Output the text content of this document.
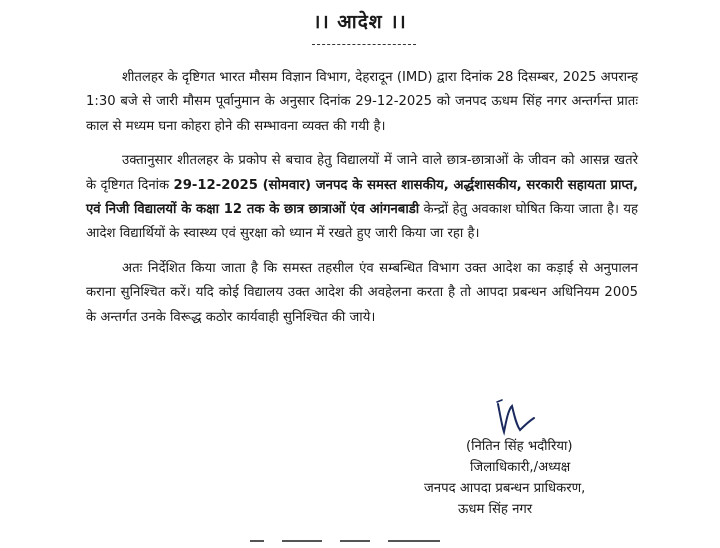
।। आदेश ।।

शीतलहर के दृष्टिगत भारत मौसम विज्ञान विभाग, देहरादून (IMD) द्वारा दिनांक 28 दिसम्बर, 2025 अपरान्ह 1:30 बजे से जारी मौसम पूर्वानुमान के अनुसार दिनांक 29-12-2025 को जनपद ऊधम सिंह नगर अन्तर्गन्त प्रातः काल से मध्यम घना कोहरा होने की सम्भावना व्यक्त की गयी है।

उक्तानुसार शीतलहर के प्रकोप से बचाव हेतु विद्यालयों में जाने वाले छात्र-छात्राओं के जीवन को आसन्न खतरे के दृष्टिगत दिनांक 29-12-2025 (सोमवार) जनपद के समस्त शासकीय, अर्द्धशासकीय, सरकारी सहायता प्राप्त, एवं निजी विद्यालयों के कक्षा 12 तक के छात्र छात्राओं एंव आंगनबाडी केन्द्रों हेतु अवकाश घोषित किया जाता है। यह आदेश विद्यार्थियों के स्वास्थ्य एवं सुरक्षा को ध्यान में रखते हुए जारी किया जा रहा है।

अतः निर्देशित किया जाता है कि समस्त तहसील एंव सम्बन्धित विभाग उक्त आदेश का कड़ाई से अनुपालन कराना सुनिश्चित करें। यदि कोई विद्यालय उक्त आदेश की अवहेलना करता है तो आपदा प्रबन्धन अधिनियम 2005 के अन्तर्गत उनके विरूद्ध कठोर कार्यवाही सुनिश्चित की जाये।

(नितिन सिंह भदौरिया)
जिलाधिकारी,/अध्यक्ष
जनपद आपदा प्रबन्धन प्राधिकरण,
ऊधम सिंह नगर
